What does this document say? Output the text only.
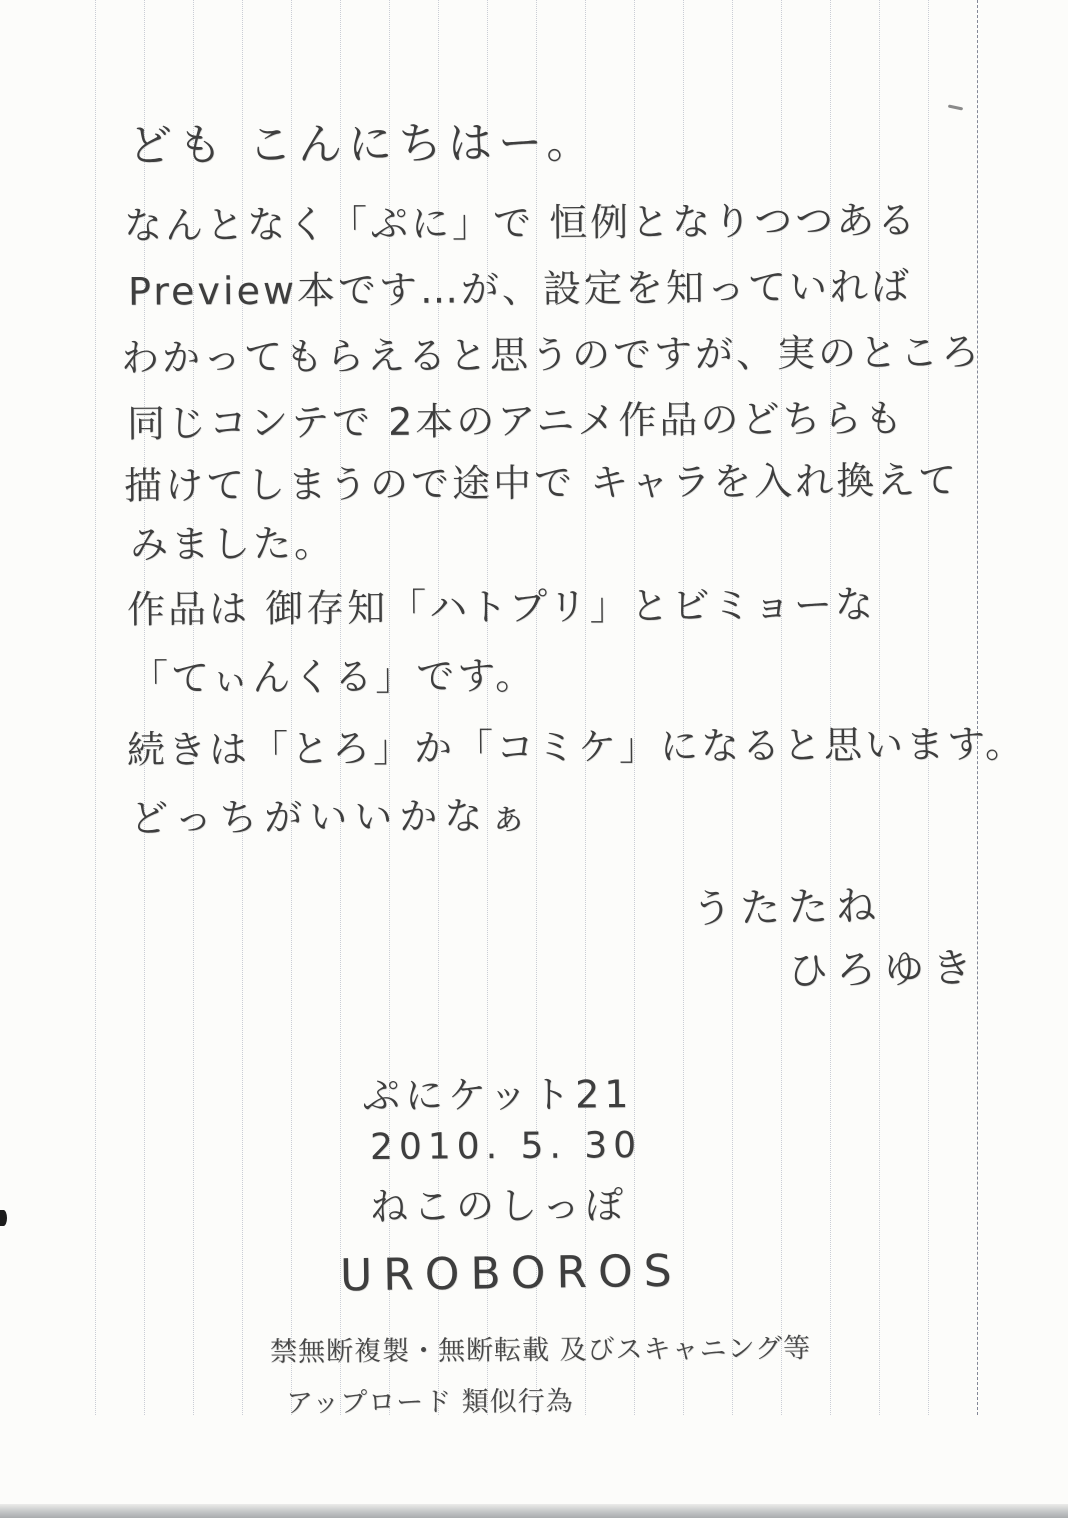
ども こんにちはー。
なんとなく「ぷに」で 恒例となりつつある
Preview本です…が、設定を知っていれば
わかってもらえると思うのですが、実のところ
同じコンテで 2本のアニメ作品のどちらも
描けてしまうので途中で キャラを入れ換えて
みました。
作品は 御存知「ハトプリ」とビミョーな
「てぃんくる」です。
続きは「とろ」か「コミケ」になると思います。
どっちがいいかなぁ
うたたね
ひろゆき
ぷにケット21
2010. 5. 30
ねこのしっぽ
UROBOROS
禁無断複製・無断転載 及びスキャニング等
アップロード 類似行為
